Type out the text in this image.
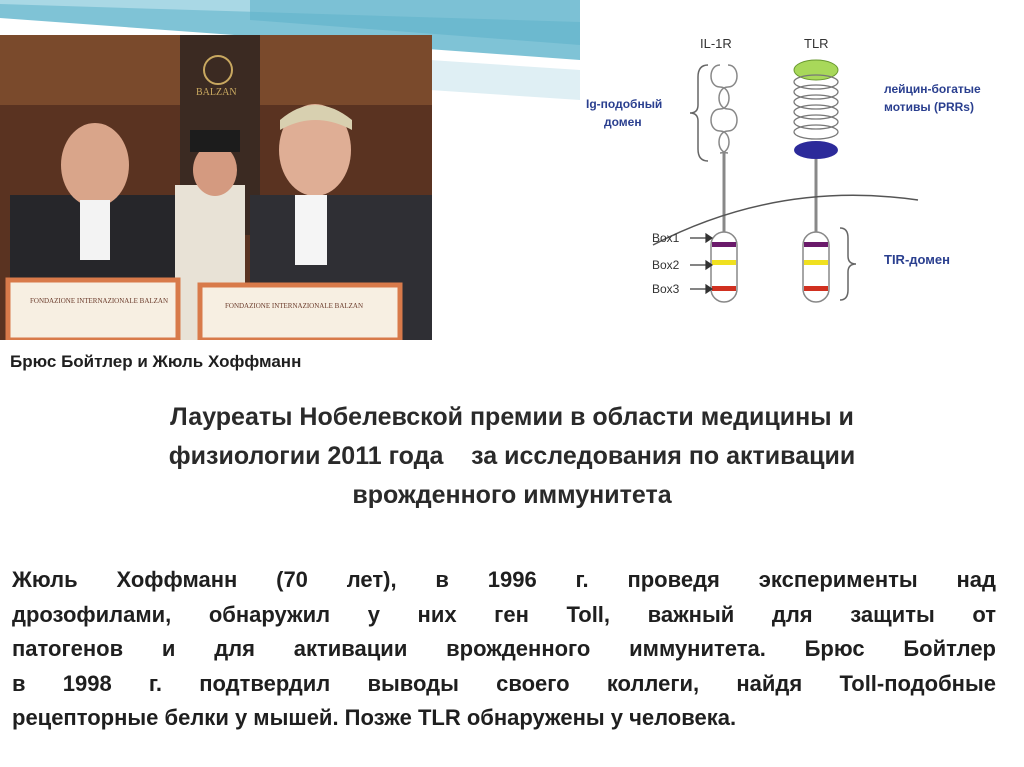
BALZAN
FONDAZIONE INTERNAZIONALE BALZAN
FONDAZIONE INTERNAZIONALE BALZAN
IL-1R	TLR
Ig-подобный
домен
лейцин-богатые
мотивы (PRRs)
Box1
Box2
Box3
TIR-домен
Брюс Бойтлер и Жюль Хоффманн
Лауреаты Нобелевской премии в области медицины и
физиологии 2011 года    за исследования по активации
врожденного иммунитета
Жюль Хоффманн (70 лет), в 1996 г. проведя эксперименты над
дрозофилами, обнаружил у них ген Toll, важный для защиты от
патогенов и для активации врожденного иммунитета. Брюс Бойтлер
в 1998 г. подтвердил выводы своего коллеги, найдя Toll-подобные
рецепторные белки у мышей. Позже TLR обнаружены у человека.
